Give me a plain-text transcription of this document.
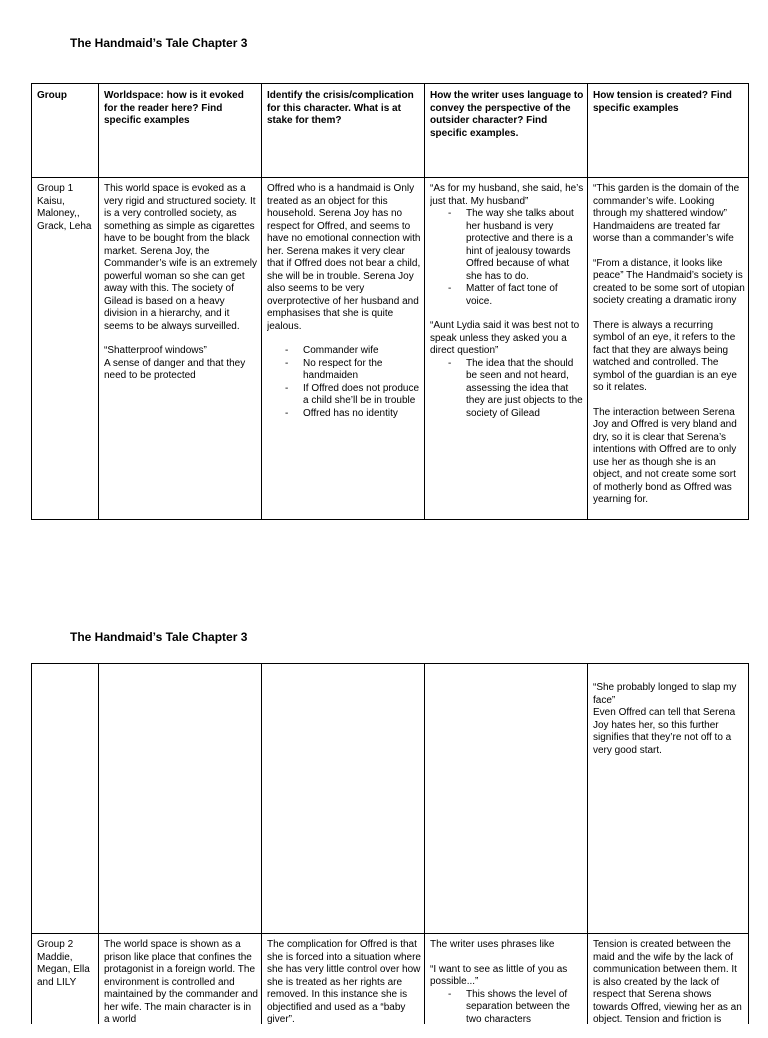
The Handmaid’s Tale Chapter 3
Group	Worldspace: how is it evoked for the reader here? Find specific examples
Identify the crisis/complication for this character. What is at stake for them?
How the writer uses language to convey the perspective of the outsider character? Find specific examples.
How tension is created? Find specific examples
Group 1 Kaisu, Maloney,, Grack, Leha

This world space is evoked as a very rigid and structured society. It is a very controlled society, as something as simple as cigarettes have to be bought from the black market. Serena Joy, the Commander’s wife is an extremely powerful woman so she can get away with this. The society of Gilead is based on a heavy division in a hierarchy, and it seems to be always surveilled.

“Shatterproof windows”

A sense of danger and that they need to be protected

Offred who is a handmaid is Only treated as an object for this household. Serena Joy has no respect for Offred, and seems to have no emotional connection with her. Serena makes it very clear that if Offred does not bear a child, she will be in trouble. Serena Joy also seems to be very overprotective of her husband and emphasises that she is quite jealous.

- Commander wife
- No respect for the handmaiden
- If Offred does not produce a child she’ll be in trouble
- Offred has no identity

“As for my husband, she said, he’s just that. My husband”

- The way she talks about her husband is very protective and there is a hint of jealousy towards Offred because of what she has to do.
- Matter of fact tone of voice.

“Aunt Lydia said it was best not to speak unless they asked you a direct question”

- The idea that the should be seen and not heard, assessing the idea that they are just objects to the society of Gilead

“This garden is the domain of the commander’s wife. Looking through my shattered window” Handmaidens are treated far worse than a commander’s wife

“From a distance, it looks like peace” The Handmaid’s society is created to be some sort of utopian society creating a dramatic irony

There is always a recurring symbol of an eye, it refers to the fact that they are always being watched and controlled. The symbol of the guardian is an eye so it relates.

The interaction between Serena Joy and Offred is very bland and dry, so it is clear that Serena’s intentions with Offred are to only use her as though she is an object, and not create some sort of motherly bond as Offred was yearning for.

The Handmaid’s Tale Chapter 3

“She probably longed to slap my face”

Even Offred can tell that Serena Joy hates her, so this further signifies that they’re not off to a very good start.

Group 2 Maddie, Megan, Ella and LILY
The world space is shown as a prison like place that confines the protagonist in a foreign world. The environment is controlled and maintained by the commander and her wife. The main character is in a world
The complication for Offred is that she is forced into a situation where she has very little control over how she is treated as her rights are removed. In this instance she is objectified and used as a “baby giver”.

The writer uses phrases like

“I want to see as little of you as possible...”

- This shows the level of separation between the two characters
Tension is created between the maid and the wife by the lack of communication between them. It is also created by the lack of respect that Serena shows towards Offred, viewing her as an object. Tension and friction is
